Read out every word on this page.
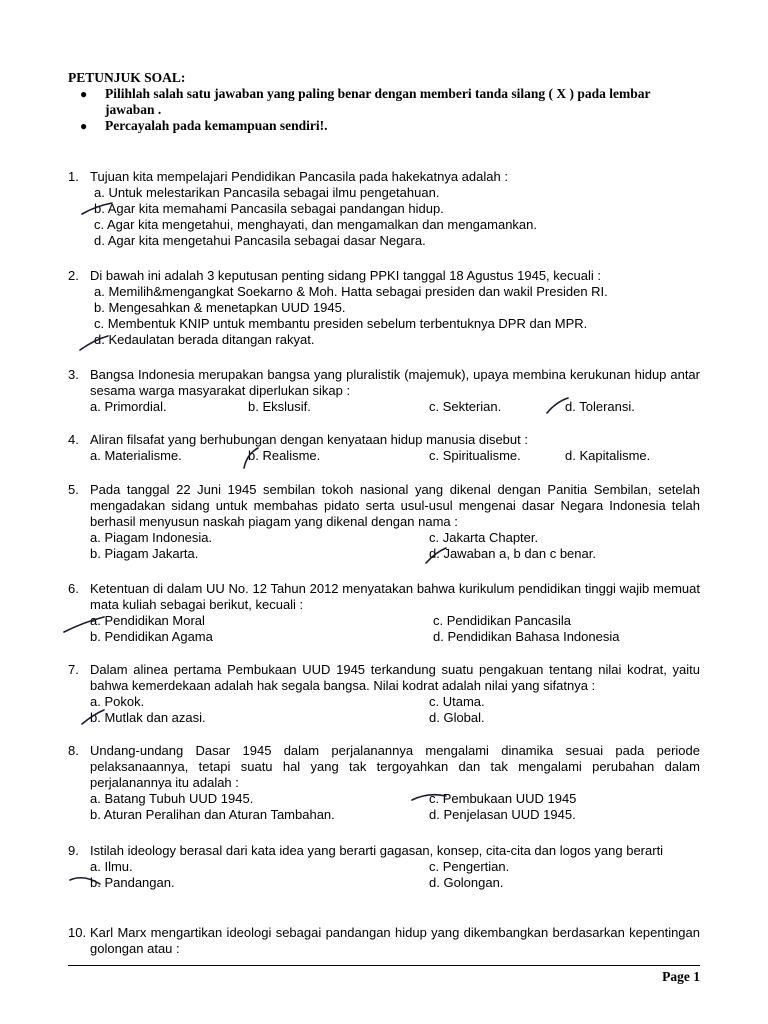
PETUNJUK SOAL:
● Pilihlah salah satu jawaban yang paling benar dengan memberi tanda silang ( X ) pada lembar jawaban .
● Percayalah pada kemampuan sendiri!.
1. Tujuan kita mempelajari Pendidikan Pancasila pada hakekatnya adalah :
a. Untuk melestarikan Pancasila sebagai ilmu pengetahuan.
b. Agar kita memahami Pancasila sebagai pandangan hidup.
c. Agar kita mengetahui, menghayati, dan mengamalkan dan mengamankan.
d. Agar kita mengetahui Pancasila sebagai dasar Negara.
2. Di bawah ini adalah 3 keputusan penting sidang PPKI tanggal 18 Agustus 1945, kecuali :
a. Memilih&mengangkat Soekarno & Moh. Hatta sebagai presiden dan wakil Presiden RI.
b. Mengesahkan & menetapkan UUD 1945.
c. Membentuk KNIP untuk membantu presiden sebelum terbentuknya DPR dan MPR.
d. Kedaulatan berada ditangan rakyat.
3. Bangsa Indonesia merupakan bangsa yang pluralistik (majemuk), upaya membina kerukunan hidup antar sesama warga masyarakat diperlukan sikap :
a. Primordial.	b. Ekslusif.	c. Sekterian.	d. Toleransi.
4. Aliran filsafat yang berhubungan dengan kenyataan hidup manusia disebut :
a. Materialisme.	b. Realisme.	c. Spiritualisme.	d. Kapitalisme.
5. Pada tanggal 22 Juni 1945 sembilan tokoh nasional yang dikenal dengan Panitia Sembilan, setelah mengadakan sidang untuk membahas pidato serta usul-usul mengenai dasar Negara Indonesia telah berhasil menyusun naskah piagam yang dikenal dengan nama :
a. Piagam Indonesia.	c. Jakarta Chapter.
b. Piagam Jakarta.	d. Jawaban a, b dan c benar.
6. Ketentuan di dalam UU No. 12 Tahun 2012 menyatakan bahwa kurikulum pendidikan tinggi wajib memuat mata kuliah sebagai berikut, kecuali :
a. Pendidikan Moral	c. Pendidikan Pancasila
b. Pendidikan Agama	d. Pendidikan Bahasa Indonesia
7. Dalam alinea pertama Pembukaan UUD 1945 terkandung suatu pengakuan tentang nilai kodrat, yaitu bahwa kemerdekaan adalah hak segala bangsa. Nilai kodrat adalah nilai yang sifatnya :
a. Pokok.	c. Utama.
b. Mutlak dan azasi.	d. Global.
8. Undang-undang Dasar 1945 dalam perjalanannya mengalami dinamika sesuai pada periode pelaksanaannya, tetapi suatu hal yang tak tergoyahkan dan tak mengalami perubahan dalam perjalanannya itu adalah :
a. Batang Tubuh UUD 1945.	c. Pembukaan UUD 1945
b. Aturan Peralihan dan Aturan Tambahan.	d. Penjelasan UUD 1945.
9. Istilah ideology berasal dari kata idea yang berarti gagasan, konsep, cita-cita dan logos yang berarti
a. Ilmu.	c. Pengertian.
b. Pandangan.	d. Golongan.
10. Karl Marx mengartikan ideologi sebagai pandangan hidup yang dikembangkan berdasarkan kepentingan golongan atau :
Page 1
